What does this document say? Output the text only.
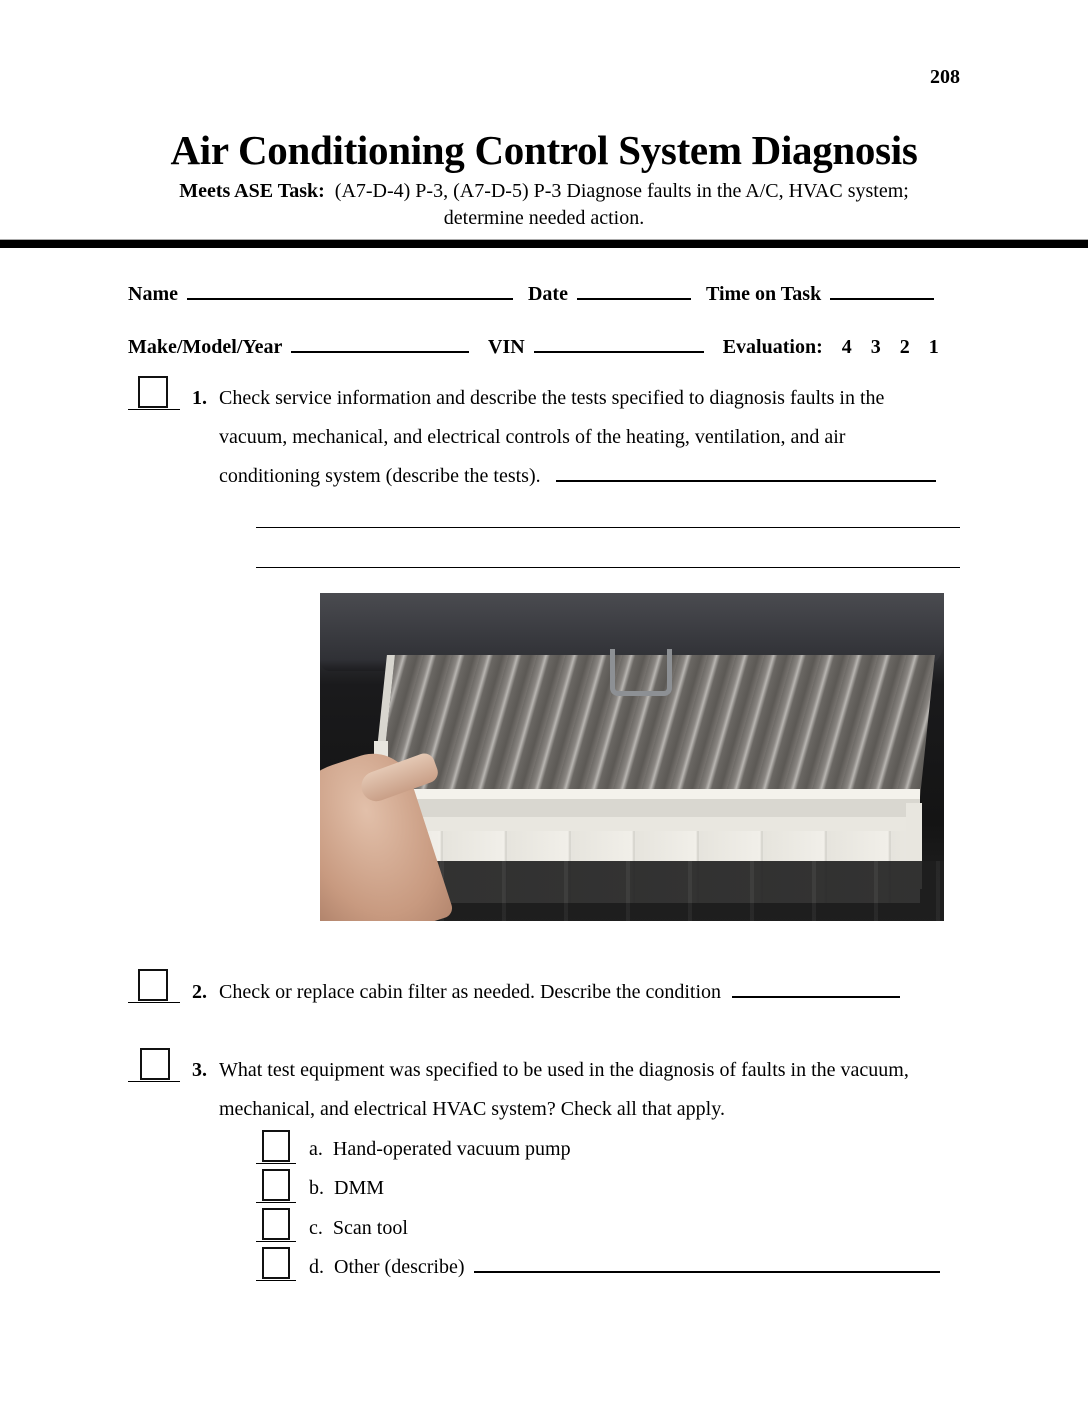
208
Air Conditioning Control System Diagnosis
Meets ASE Task: (A7-D-4) P-3, (A7-D-5) P-3 Diagnose faults in the A/C, HVAC system;
determine needed action.
Name	Date	Time on Task
Make/Model/Year	VIN	Evaluation: 4 3 2 1
1. Check service information and describe the tests specified to diagnosis faults in the
vacuum, mechanical, and electrical controls of the heating, ventilation, and air
conditioning system (describe the tests).
2. Check or replace cabin filter as needed. Describe the condition
3. What test equipment was specified to be used in the diagnosis of faults in the vacuum,
mechanical, and electrical HVAC system? Check all that apply.
a. Hand-operated vacuum pump
b. DMM
c. Scan tool
d. Other (describe)
